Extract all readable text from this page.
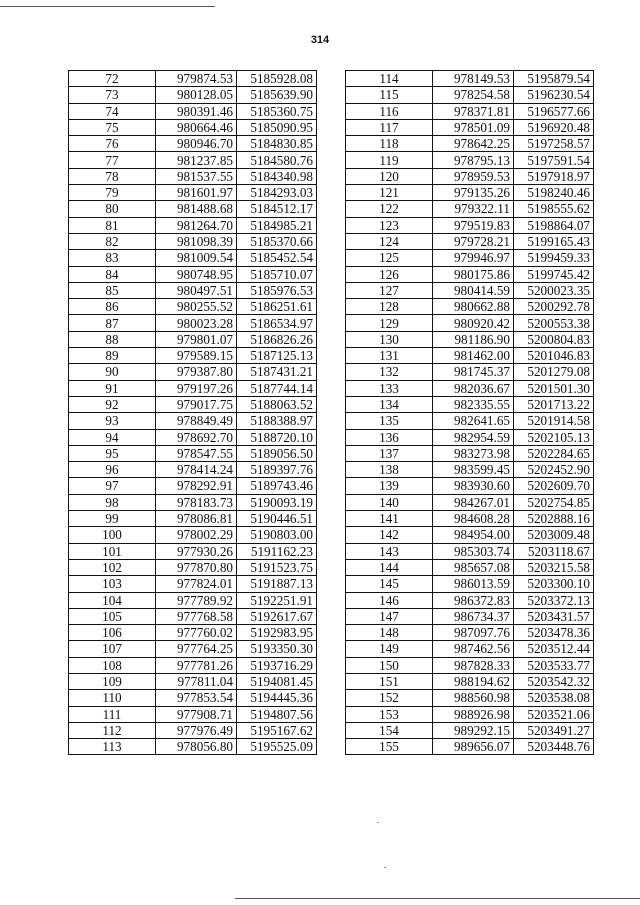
314
72	979874.53	5185928.08
73	980128.05	5185639.90
74	980391.46	5185360.75
75	980664.46	5185090.95
76	980946.70	5184830.85
77	981237.85	5184580.76
78	981537.55	5184340.98
79	981601.97	5184293.03
80	981488.68	5184512.17
81	981264.70	5184985.21
82	981098.39	5185370.66
83	981009.54	5185452.54
84	980748.95	5185710.07
85	980497.51	5185976.53
86	980255.52	5186251.61
87	980023.28	5186534.97
88	979801.07	5186826.26
89	979589.15	5187125.13
90	979387.80	5187431.21
91	979197.26	5187744.14
92	979017.75	5188063.52
93	978849.49	5188388.97
94	978692.70	5188720.10
95	978547.55	5189056.50
96	978414.24	5189397.76
97	978292.91	5189743.46
98	978183.73	5190093.19
99	978086.81	5190446.51
100	978002.29	5190803.00
101	977930.26	5191162.23
102	977870.80	5191523.75
103	977824.01	5191887.13
104	977789.92	5192251.91
105	977768.58	5192617.67
106	977760.02	5192983.95
107	977764.25	5193350.30
108	977781.26	5193716.29
109	977811.04	5194081.45
110	977853.54	5194445.36
111	977908.71	5194807.56
112	977976.49	5195167.62
113	978056.80	5195525.09
114	978149.53	5195879.54
115	978254.58	5196230.54
116	978371.81	5196577.66
117	978501.09	5196920.48
118	978642.25	5197258.57
119	978795.13	5197591.54
120	978959.53	5197918.97
121	979135.26	5198240.46
122	979322.11	5198555.62
123	979519.83	5198864.07
124	979728.21	5199165.43
125	979946.97	5199459.33
126	980175.86	5199745.42
127	980414.59	5200023.35
128	980662.88	5200292.78
129	980920.42	5200553.38
130	981186.90	5200804.83
131	981462.00	5201046.83
132	981745.37	5201279.08
133	982036.67	5201501.30
134	982335.55	5201713.22
135	982641.65	5201914.58
136	982954.59	5202105.13
137	983273.98	5202284.65
138	983599.45	5202452.90
139	983930.60	5202609.70
140	984267.01	5202754.85
141	984608.28	5202888.16
142	984954.00	5203009.48
143	985303.74	5203118.67
144	985657.08	5203215.58
145	986013.59	5203300.10
146	986372.83	5203372.13
147	986734.37	5203431.57
148	987097.76	5203478.36
149	987462.56	5203512.44
150	987828.33	5203533.77
151	988194.62	5203542.32
152	988560.98	5203538.08
153	988926.98	5203521.06
154	989292.15	5203491.27
155	989656.07	5203448.76
